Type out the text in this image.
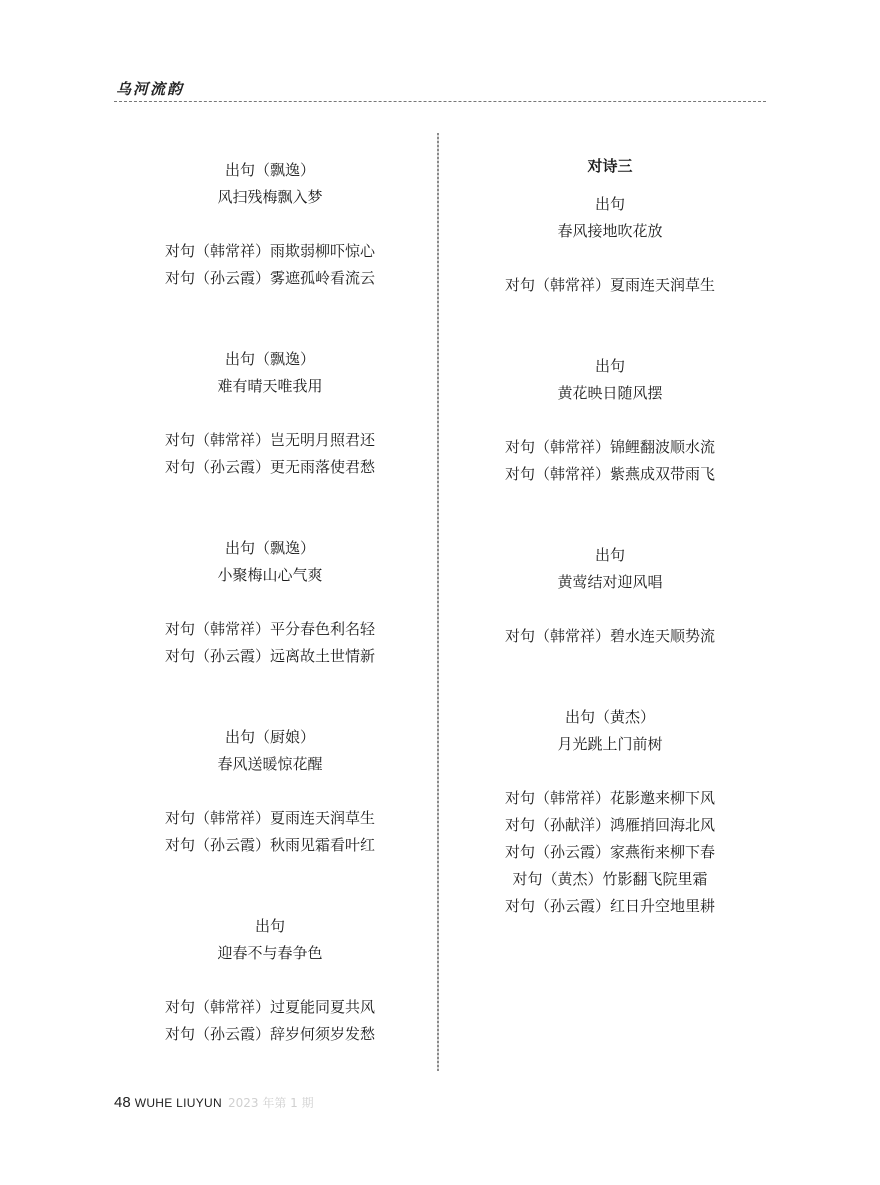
乌河流韵
出句（飘逸）
风扫残梅飘入梦
对句（韩常祥）雨欺弱柳吓惊心
对句（孙云霞）雾遮孤岭看流云
出句（飘逸）
难有晴天唯我用
对句（韩常祥）岂无明月照君还
对句（孙云霞）更无雨落使君愁
出句（飘逸）
小聚梅山心气爽
对句（韩常祥）平分春色利名轻
对句（孙云霞）远离故土世情新
出句（厨娘）
春风送暖惊花醒
对句（韩常祥）夏雨连天润草生
对句（孙云霞）秋雨见霜看叶红
出句
迎春不与春争色
对句（韩常祥）过夏能同夏共风
对句（孙云霞）辞岁何须岁发愁
对诗三
出句
春风接地吹花放
对句（韩常祥）夏雨连天润草生
出句
黄花映日随风摆
对句（韩常祥）锦鲤翻波顺水流
对句（韩常祥）紫燕成双带雨飞
出句
黄莺结对迎风唱
对句（韩常祥）碧水连天顺势流
出句（黄杰）
月光跳上门前树
对句（韩常祥）花影邀来柳下风
对句（孙献洋）鸿雁捎回海北风
对句（孙云霞）家燕衔来柳下春
对句（黄杰）竹影翻飞院里霜
对句（孙云霞）红日升空地里耕
48 WUHE LIUYUN 2023 年第 1 期
